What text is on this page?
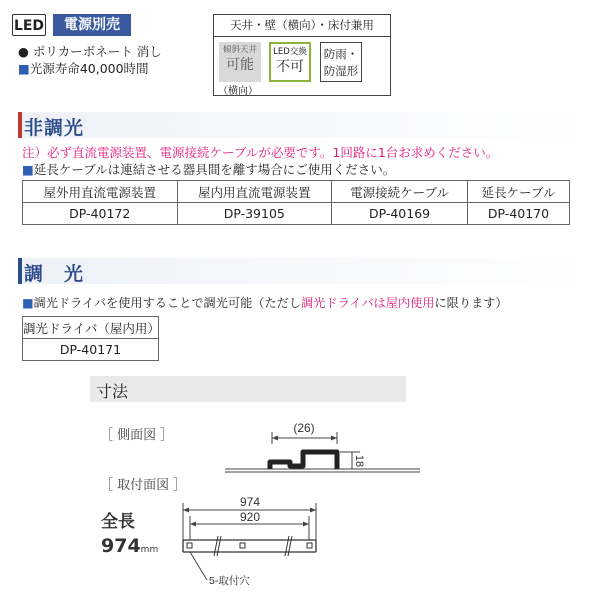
LED	電源別売
● ポリカーボネート 消し
■光源寿命40,000時間
天井・壁（横向）・床付兼用
傾斜天井
可能
LED交換
不可
防雨・
防湿形
（横向）
非調光
注）必ず直流電源装置、電源接続ケーブルが必要です。1回路に1台お求めください。
■延長ケーブルは連結させる器具間を離す場合にご使用ください。
屋外用直流電源装置	屋内用直流電源装置	電源接続ケーブル	延長ケーブル
DP-40172	DP-39105	DP-40169	DP-40170
調　光
■調光ドライバを使用することで調光可能（ただし調光ドライバは屋内使用に限ります）
調光ドライバ（屋内用）
DP-40171
寸法
［ 側面図 ］
［ 取付面図 ］
(26)
18
974
920
5-取付穴
全長
974mm
